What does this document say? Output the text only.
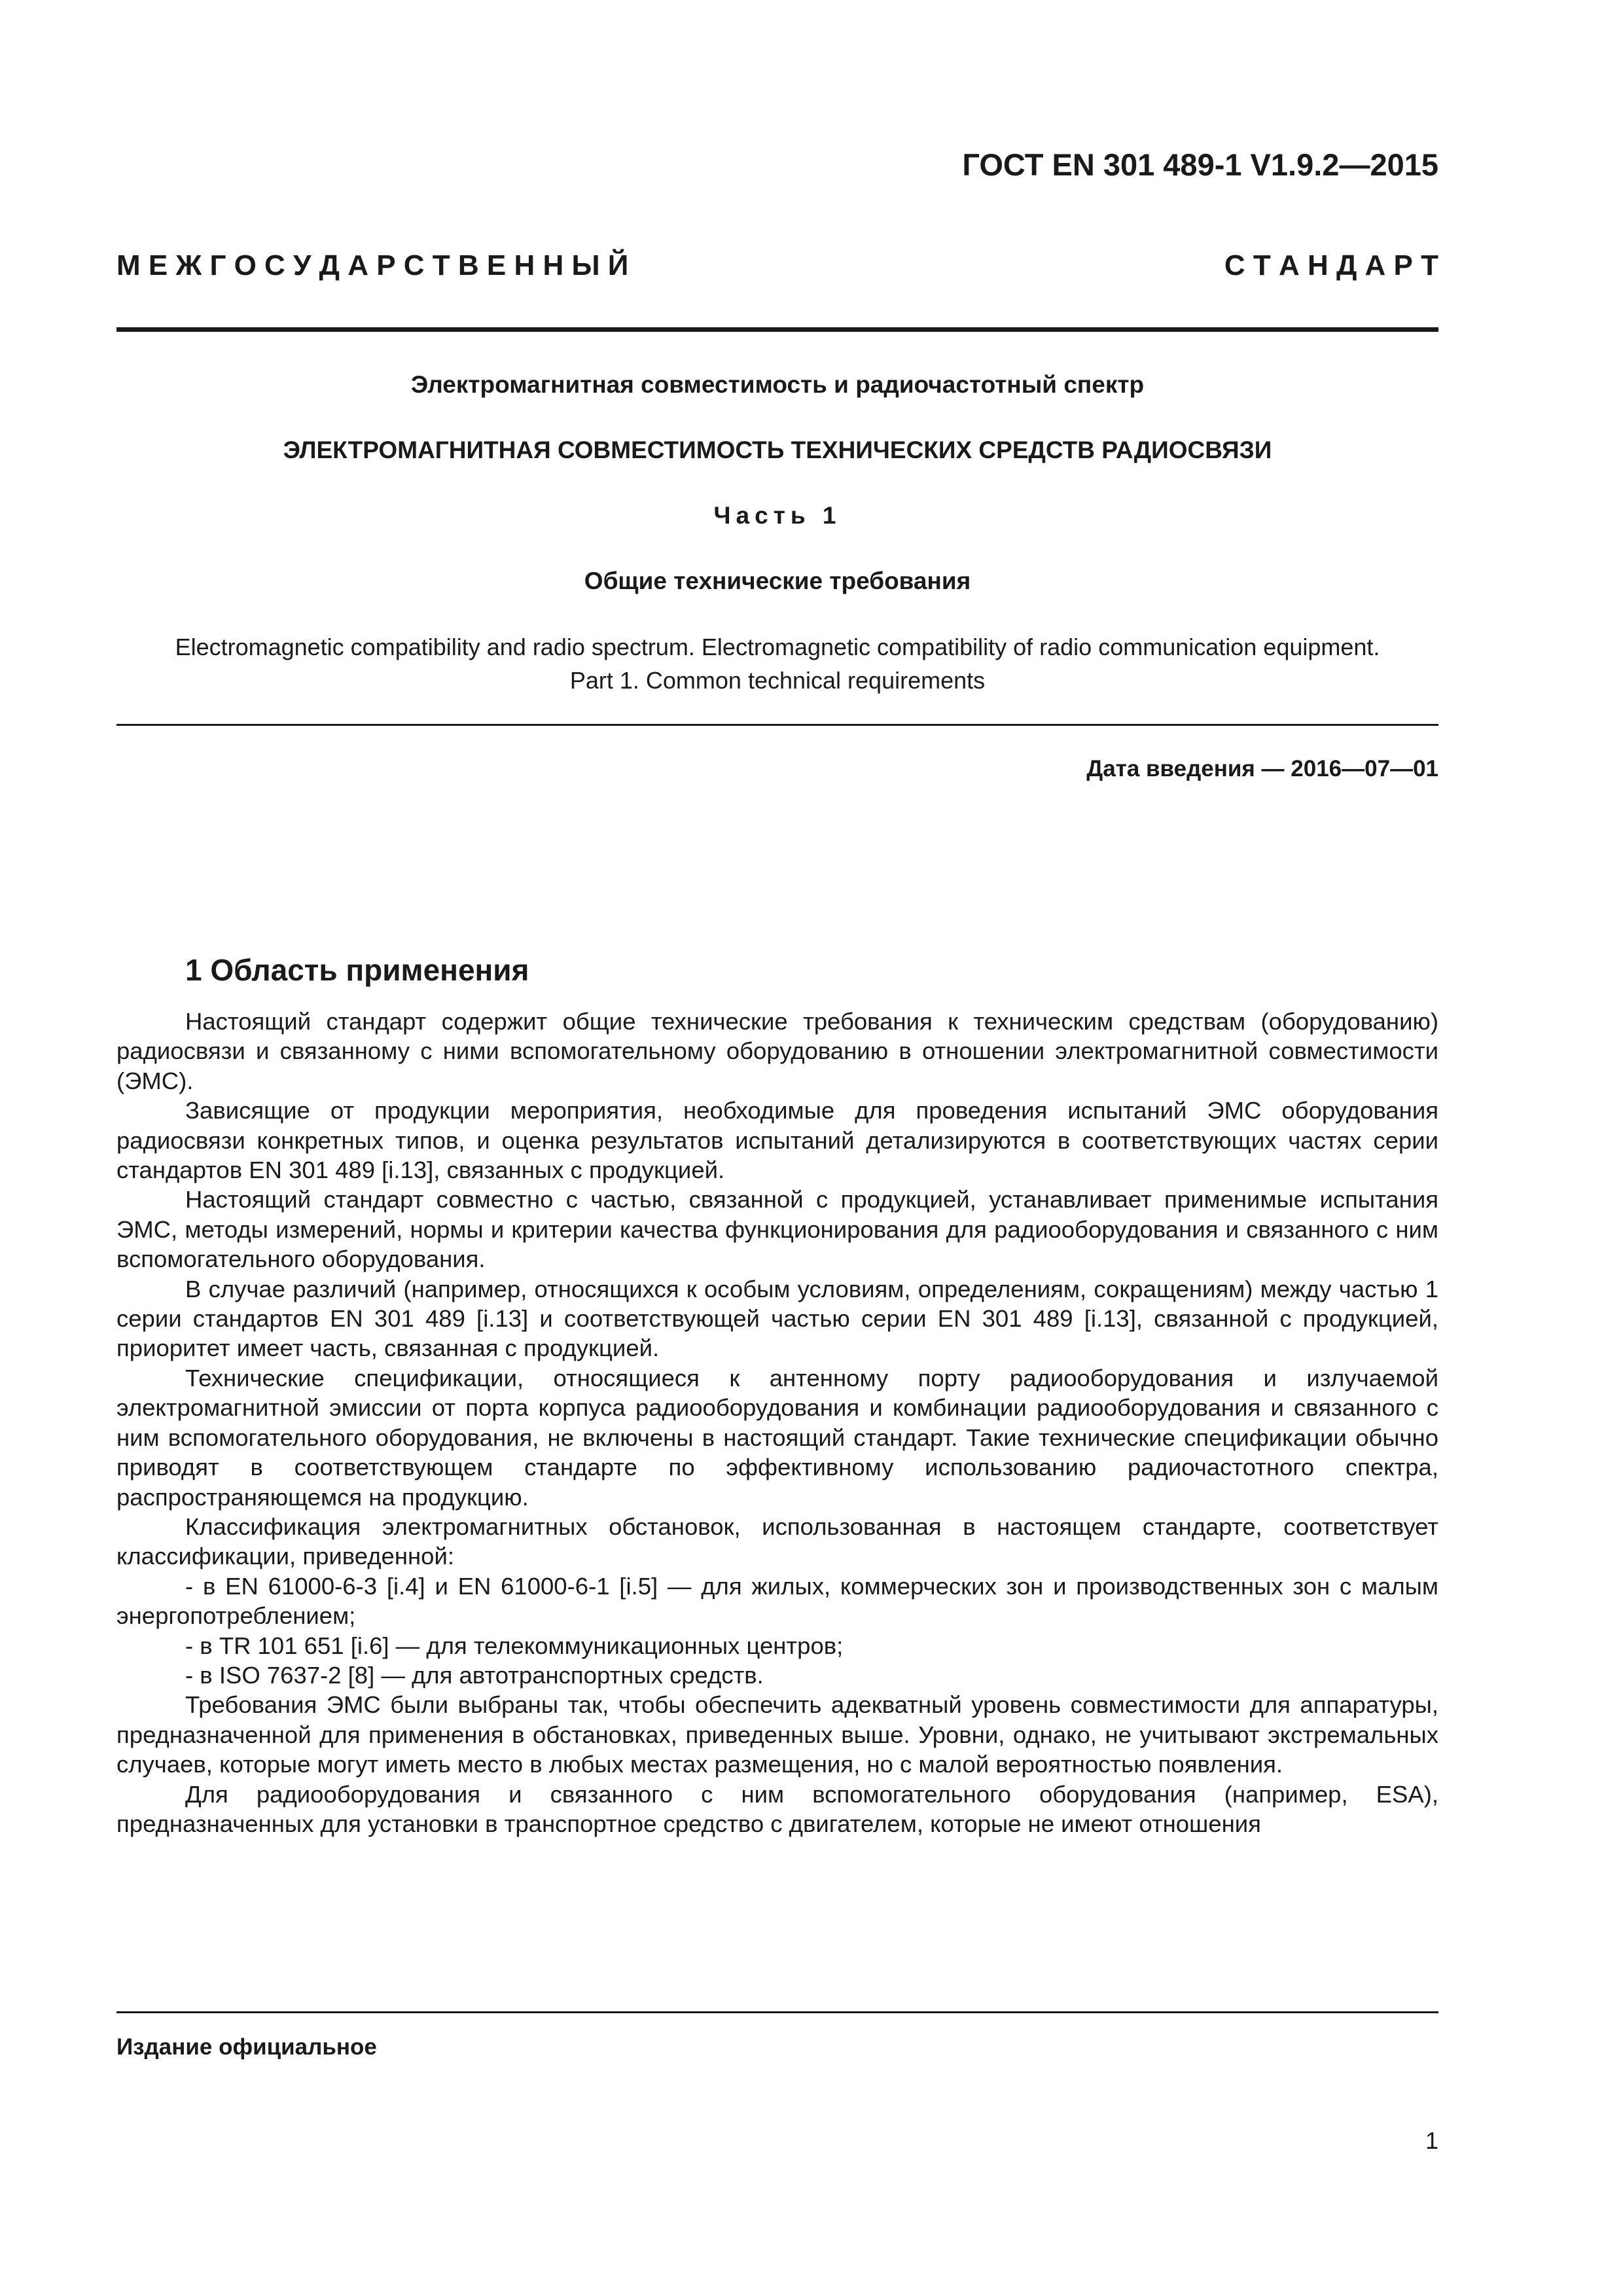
ГОСТ EN 301 489-1 V1.9.2—2015
М Е Ж Г О С У Д А Р С Т В Е Н Н Ы Й	С Т А Н Д А Р Т
Электромагнитная совместимость и радиочастотный спектр
ЭЛЕКТРОМАГНИТНАЯ СОВМЕСТИМОСТЬ ТЕХНИЧЕСКИХ СРЕДСТВ РАДИОСВЯЗИ
Часть 1
Общие технические требования
Electromagnetic compatibility and radio spectrum. Electromagnetic compatibility of radio communication equipment.
Part 1. Common technical requirements
Дата введения — 2016—07—01
1 Область применения

Настоящий стандарт содержит общие технические требования к техническим средствам (оборудованию) радиосвязи и связанному с ними вспомогательному оборудованию в отношении электромагнитной совместимости (ЭМС).

Зависящие от продукции мероприятия, необходимые для проведения испытаний ЭМС оборудования радиосвязи конкретных типов, и оценка результатов испытаний детализируются в соответствующих частях серии стандартов EN 301 489 [i.13], связанных с продукцией.

Настоящий стандарт совместно с частью, связанной с продукцией, устанавливает применимые испытания ЭМС, методы измерений, нормы и критерии качества функционирования для радиооборудования и связанного с ним вспомогательного оборудования.

В случае различий (например, относящихся к особым условиям, определениям, сокращениям) между частью 1 серии стандартов EN 301 489 [i.13] и соответствующей частью серии EN 301 489 [i.13], связанной с продукцией, приоритет имеет часть, связанная с продукцией.

Технические спецификации, относящиеся к антенному порту радиооборудования и излучаемой электромагнитной эмиссии от порта корпуса радиооборудования и комбинации радиооборудования и связанного с ним вспомогательного оборудования, не включены в настоящий стандарт. Такие технические спецификации обычно приводят в соответствующем стандарте по эффективному использованию радиочастотного спектра, распространяющемся на продукцию.

Классификация электромагнитных обстановок, использованная в настоящем стандарте, соответствует классификации, приведенной:

- в EN 61000-6-3 [i.4] и EN 61000-6-1 [i.5] — для жилых, коммерческих зон и производственных зон с малым энергопотреблением;

- в TR 101 651 [i.6] — для телекоммуникационных центров;

- в ISO 7637-2 [8] — для автотранспортных средств.

Требования ЭМС были выбраны так, чтобы обеспечить адекватный уровень совместимости для аппаратуры, предназначенной для применения в обстановках, приведенных выше. Уровни, однако, не учитывают экстремальных случаев, которые могут иметь место в любых местах размещения, но с малой вероятностью появления.

Для радиооборудования и связанного с ним вспомогательного оборудования (например, ESA), предназначенных для установки в транспортное средство с двигателем, которые не имеют отношения

Издание официальное
1
